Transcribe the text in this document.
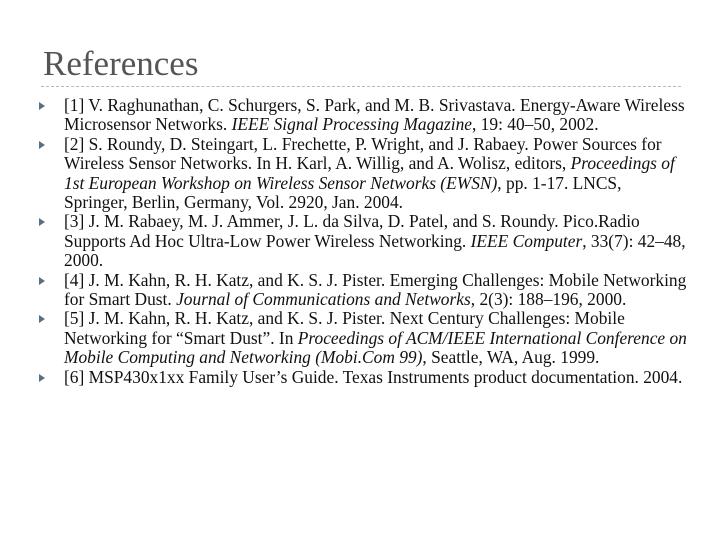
References
[1] V. Raghunathan, C. Schurgers, S. Park, and M. B. Srivastava. Energy-Aware Wireless Microsensor Networks. IEEE Signal Processing Magazine, 19: 40–50, 2002.
[2] S. Roundy, D. Steingart, L. Frechette, P. Wright, and J. Rabaey. Power Sources for Wireless Sensor Networks. In H. Karl, A. Willig, and A. Wolisz, editors, Proceedings of 1st European Workshop on Wireless Sensor Networks (EWSN), pp. 1-17. LNCS, Springer, Berlin, Germany, Vol. 2920, Jan. 2004.
[3] J. M. Rabaey, M. J. Ammer, J. L. da Silva, D. Patel, and S. Roundy. Pico.Radio Supports Ad Hoc Ultra-Low Power Wireless Networking. IEEE Computer, 33(7): 42–48, 2000.
[4] J. M. Kahn, R. H. Katz, and K. S. J. Pister. Emerging Challenges: Mobile Networking for Smart Dust. Journal of Communications and Networks, 2(3): 188–196, 2000.
[5] J. M. Kahn, R. H. Katz, and K. S. J. Pister. Next Century Challenges: Mobile Networking for “Smart Dust”. In Proceedings of ACM/IEEE International Conference on Mobile Computing and Networking (Mobi.Com 99), Seattle, WA, Aug. 1999.
[6] MSP430x1xx Family User’s Guide. Texas Instruments product documentation. 2004.
